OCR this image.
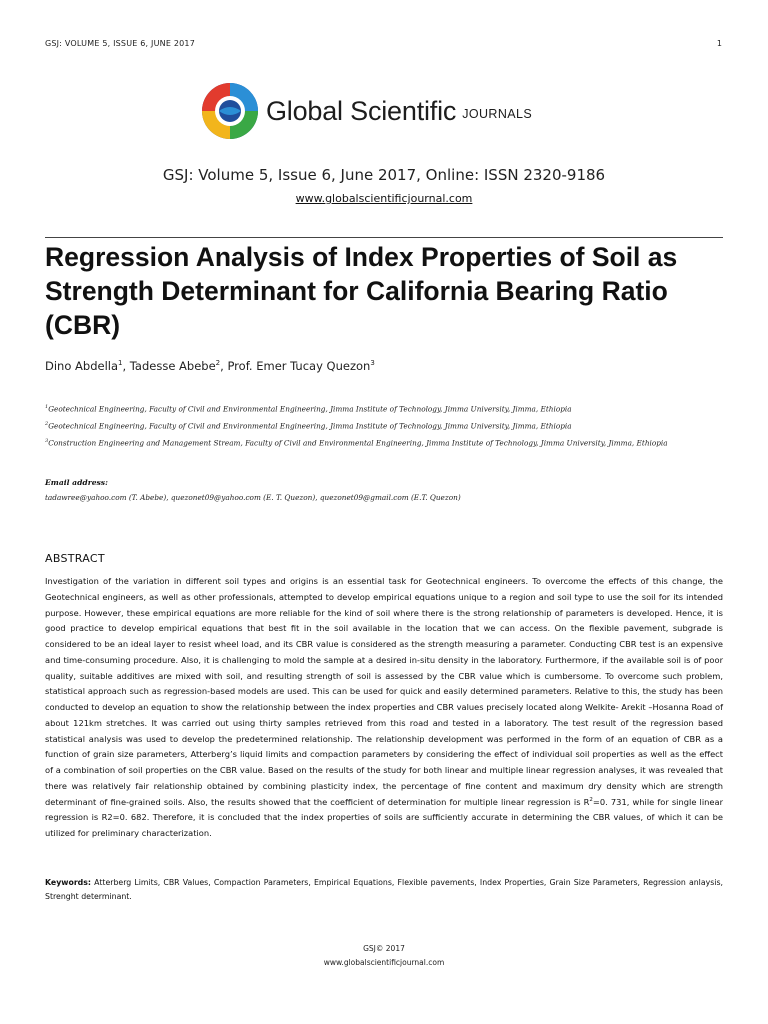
GSJ: VOLUME 5, ISSUE 6, JUNE 2017	1
Global Scientific JOURNALS
GSJ: Volume 5, Issue 6, June 2017, Online: ISSN 2320-9186
www.globalscientificjournal.com
Regression Analysis of Index Properties of Soil as Strength Determinant for California Bearing Ratio (CBR)
Dino Abdella$^1$, Tadesse Abebe$^2$, Prof. Emer Tucay Quezon$^3$
$^1$Geotechnical Engineering, Faculty of Civil and Environmental Engineering, Jimma Institute of Technology, Jimma University, Jimma, Ethiopia
$^2$Geotechnical Engineering, Faculty of Civil and Environmental Engineering, Jimma Institute of Technology, Jimma University, Jimma, Ethiopia
$^3$Construction Engineering and Management Stream, Faculty of Civil and Environmental Engineering, Jimma Institute of Technology, Jimma University, Jimma, Ethiopia
Email address:
tadawree@yahoo.com (T. Abebe), quezonet09@yahoo.com (E. T. Quezon), quezonet09@gmail.com (E.T. Quezon)
ABSTRACT

Investigation of the variation in different soil types and origins is an essential task for Geotechnical engineers. To overcome the effects of this change, the Geotechnical engineers, as well as other professionals, attempted to develop empirical equations unique to a region and soil type to use the soil for its intended purpose. However, these empirical equations are more reliable for the kind of soil where there is the strong relationship of parameters is developed. Hence, it is good practice to develop empirical equations that best fit in the soil available in the location that we can access. On the flexible pavement, subgrade is considered to be an ideal layer to resist wheel load, and its CBR value is considered as the strength measuring a parameter. Conducting CBR test is an expensive and time-consuming procedure. Also, it is challenging to mold the sample at a desired in-situ density in the laboratory. Furthermore, if the available soil is of poor quality, suitable additives are mixed with soil, and resulting strength of soil is assessed by the CBR value which is cumbersome. To overcome such problem, statistical approach such as regression-based models are used. This can be used for quick and easily determined parameters. Relative to this, the study has been conducted to develop an equation to show the relationship between the index properties and CBR values precisely located along Welkite- Arekit –Hosanna Road of about 121km stretches. It was carried out using thirty samples retrieved from this road and tested in a laboratory. The test result of the regression based statistical analysis was used to develop the predetermined relationship. The relationship development was performed in the form of an equation of CBR as a function of grain size parameters, Atterberg’s liquid limits and compaction parameters by considering the effect of individual soil properties as well as the effect of a combination of soil properties on the CBR value. Based on the results of the study for both linear and multiple linear regression analyses, it was revealed that there was relatively fair relationship obtained by combining plasticity index, the percentage of fine content and maximum dry density which are strength determinant of fine-grained soils. Also, the results showed that the coefficient of determination for multiple linear regression is $R^2=0$. 731, while for single linear regression is R2=0. 682. Therefore, it is concluded that the index properties of soils are sufficiently accurate in determining the CBR values, of which it can be utilized for preliminary characterization.

Keywords: Atterberg Limits, CBR Values, Compaction Parameters, Empirical Equations, Flexible pavements, Index Properties, Grain Size Parameters, Regression anlaysis, Strenght determinant.

GSJ© 2017
www.globalscientificjournal.com
